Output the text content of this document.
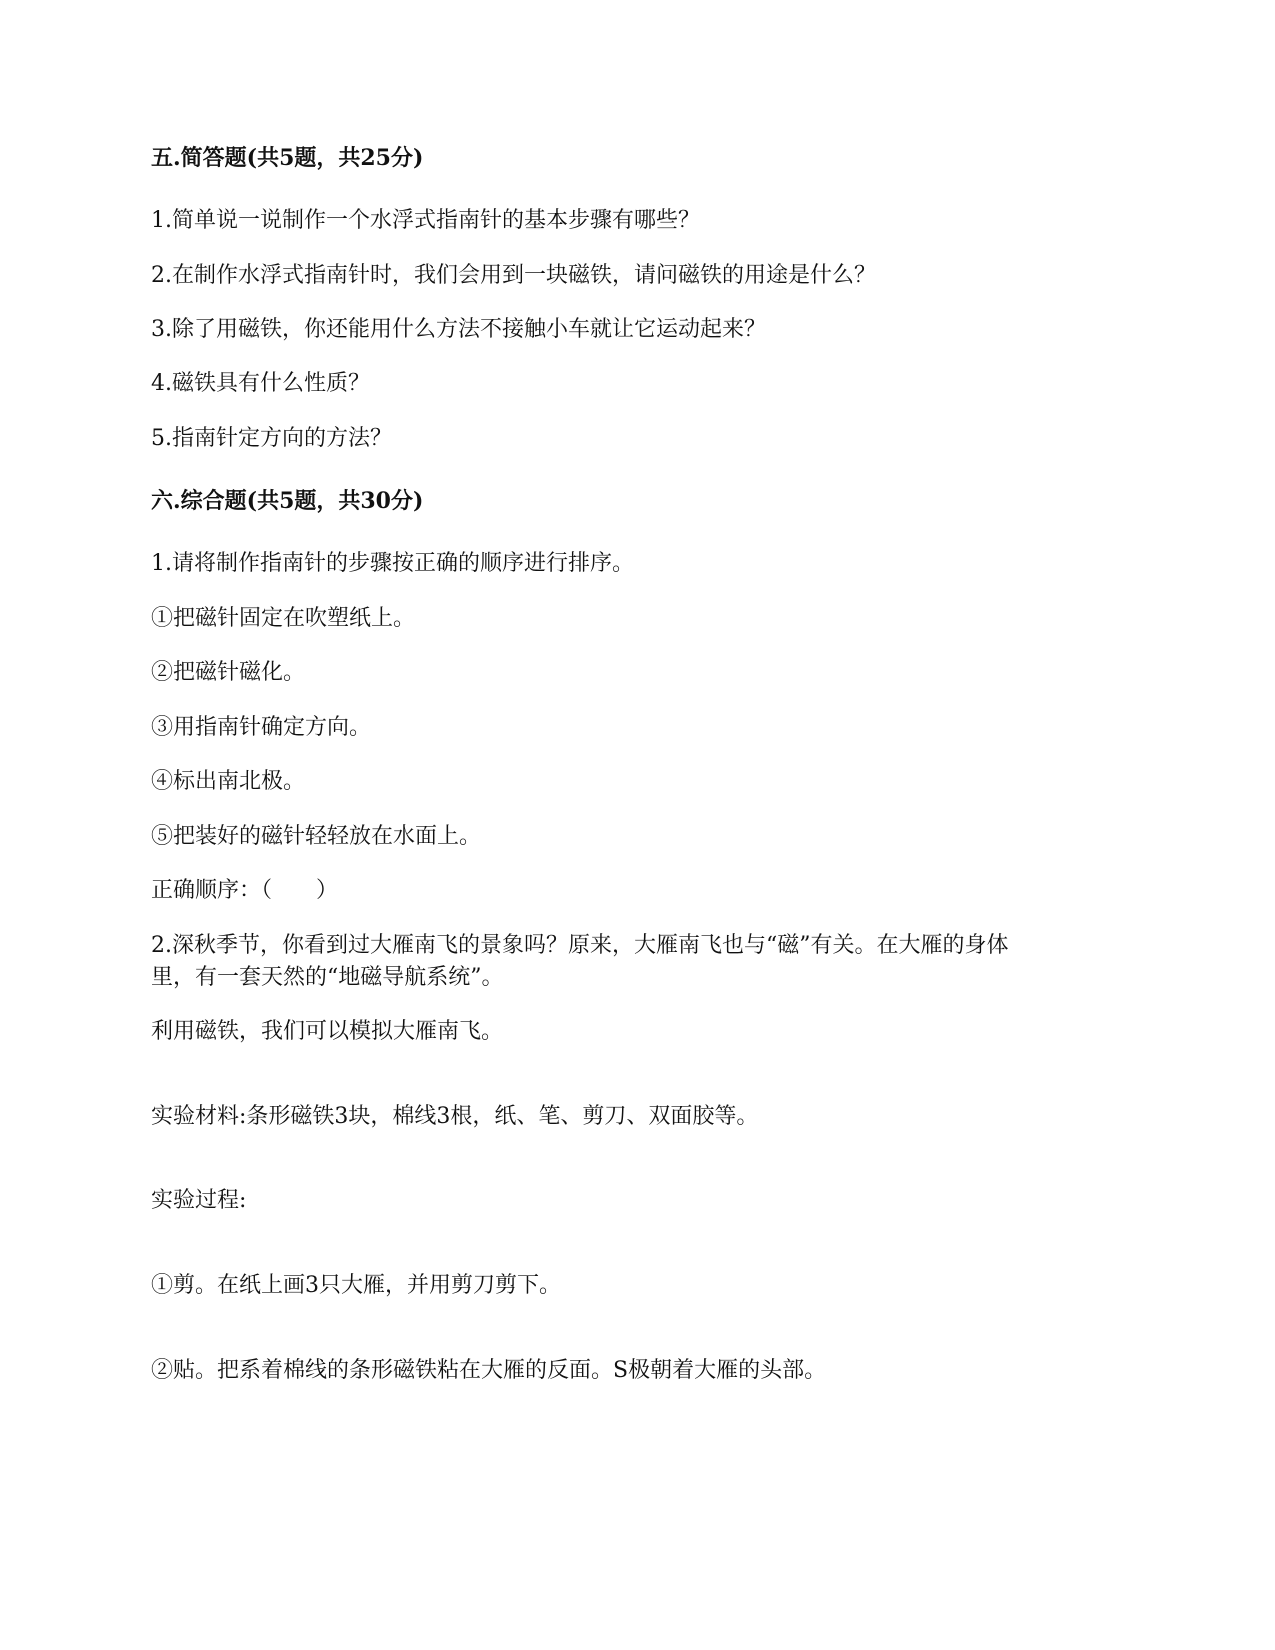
五.简答题(共5题，共25分)
1.简单说一说制作一个水浮式指南针的基本步骤有哪些？
2.在制作水浮式指南针时，我们会用到一块磁铁，请问磁铁的用途是什么？
3.除了用磁铁，你还能用什么方法不接触小车就让它运动起来？
4.磁铁具有什么性质？
5.指南针定方向的方法？
六.综合题(共5题，共30分)
1.请将制作指南针的步骤按正确的顺序进行排序。
①把磁针固定在吹塑纸上。
②把磁针磁化。
③用指南针确定方向。
④标出南北极。
⑤把装好的磁针轻轻放在水面上。
正确顺序：（　　）
2.深秋季节，你看到过大雁南飞的景象吗？原来，大雁南飞也与“磁”有关。在大雁的身体
里，有一套天然的“地磁导航系统”。
利用磁铁，我们可以模拟大雁南飞。
实验材料:条形磁铁3块，棉线3根，纸、笔、剪刀、双面胶等。
实验过程:
①剪。在纸上画3只大雁，并用剪刀剪下。
②贴。把系着棉线的条形磁铁粘在大雁的反面。S极朝着大雁的头部。
